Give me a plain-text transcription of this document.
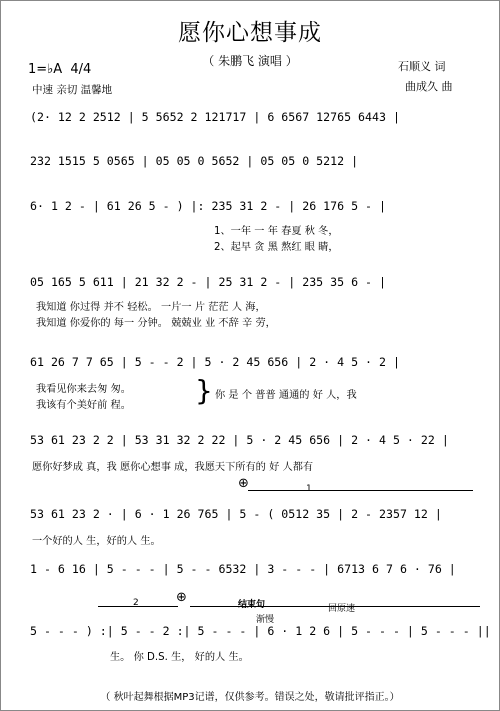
愿你心想事成
（ 朱鹏飞 演唱 ）	石顺义 词
曲成久 曲
1=♭A 4/4
中速 亲切 温馨地
(2· 12 2 2512 | 5 5652 2 121717 | 6 6567 12765 6443 |
232 1515 5 0565 | 05 05 0 5652 | 05 05 0 5212 |
6· 1 2 - | 61 26 5 - ) |: 235 31 2 - | 26 176 5 - |
1、一年 一 年 春夏 秋 冬，
2、起早 贪 黑 熬红 眼 睛，
05 165 5 611 | 21 32 2 - | 25 31 2 - | 235 35 6 - |
我知道 你过得 并不 轻松。 一片一 片 茫茫 人 海，
我知道 你爱你的 每一 分钟。 兢兢业 业 不辞 辛 劳，
61 26 7 7 65 | 5 - - 2 | 5 · 2 45 656 | 2 · 4 5 · 2 |
我看见你来去匆 匆。
我该有个美好前 程。 } 你 是 个 普普 通通的 好 人，我
53 61 23 2 2 | 53 31 32 2 22 | 5 · 2 45 656 | 2 · 4 5 · 22 |
愿你好梦成 真，我 愿你心想事 成，我愿天下所有的 好 人都有
⊕	1
53 61 23 2 · | 6 · 1 26 765 | 5 - ( 0512 35 | 2 - 2357 12 |
一个好的人 生，好的人 生。
1 - 6 16 | 5 - - - | 5 - - 6532 | 3 - - - | 6713 6 7 6 · 76 |
2	⊕	结束句
渐慢
回原速
5 - - - ) :| 5 - - 2 :| 5 - - - | 6 · 1 2 6 | 5 - - - | 5 - - - ||
生。 你 D.S. 生， 好的人 生。
（ 秋叶起舞根据MP3记谱，仅供参考。错误之处，敬请批评指正。）
